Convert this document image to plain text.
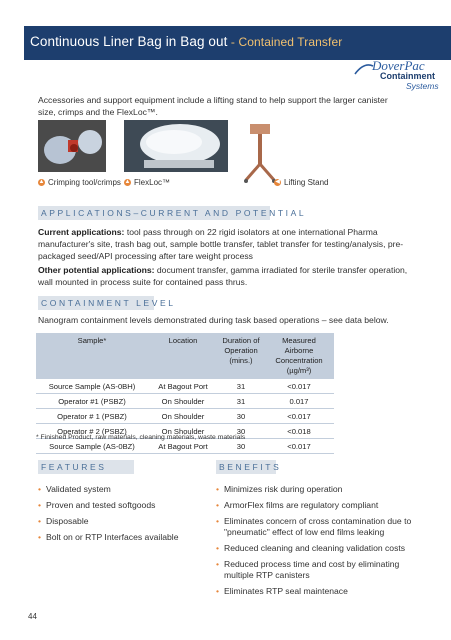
Continuous Liner Bag in Bag out - Contained Transfer
DoverPac
Containment
Systems
Accessories and support equipment include a lifting stand to help support the larger canister size, crimps and the FlexLoc™.
▲ Crimping tool/crimps ▲ FlexLoc™	◀ Lifting Stand
APPLICATIONS–CURRENT AND POTENTIAL
Current applications: tool pass through on 22 rigid isolators at one international Pharma manufacturer's site, trash bag out, sample bottle transfer, tablet transfer for testing/analysis, pre-packaged seed/API processing after tare weight process
Other potential applications: document transfer, gamma irradiated for sterile transfer operation, wall mounted in process suite for contained pass thrus.
CONTAINMENT LEVEL
Nanogram containment levels demonstrated during task based operations – see data below.
Sample*	Location	Duration of Operation (mins.)	Measured Airborne Concentration (µg/m³)
Source Sample (AS-0BH)	At Bagout Port	31	<0.017
Operator #1 (PSBZ)	On Shoulder	31	0.017
Operator # 1 (PSBZ)	On Shoulder	30	<0.017
Operator # 2 (PSBZ)	On Shoulder	30	<0.018
Source Sample (AS-0BZ)	At Bagout Port	30	<0.017
* Finished Product, raw materials, cleaning materials, waste materials
FEATURES	BENEFITS
• Validated system
• Proven and tested softgoods
• Disposable
• Bolt on or RTP Interfaces available
• Minimizes risk during operation
• ArmorFlex films are regulatory compliant
• Eliminates concern of cross contamination due to "pneumatic" effect of low end films leaking
• Reduced cleaning and cleaning validation costs
• Reduced process time and cost by eliminating multiple RTP canisters
• Eliminates RTP seal maintenace
44
